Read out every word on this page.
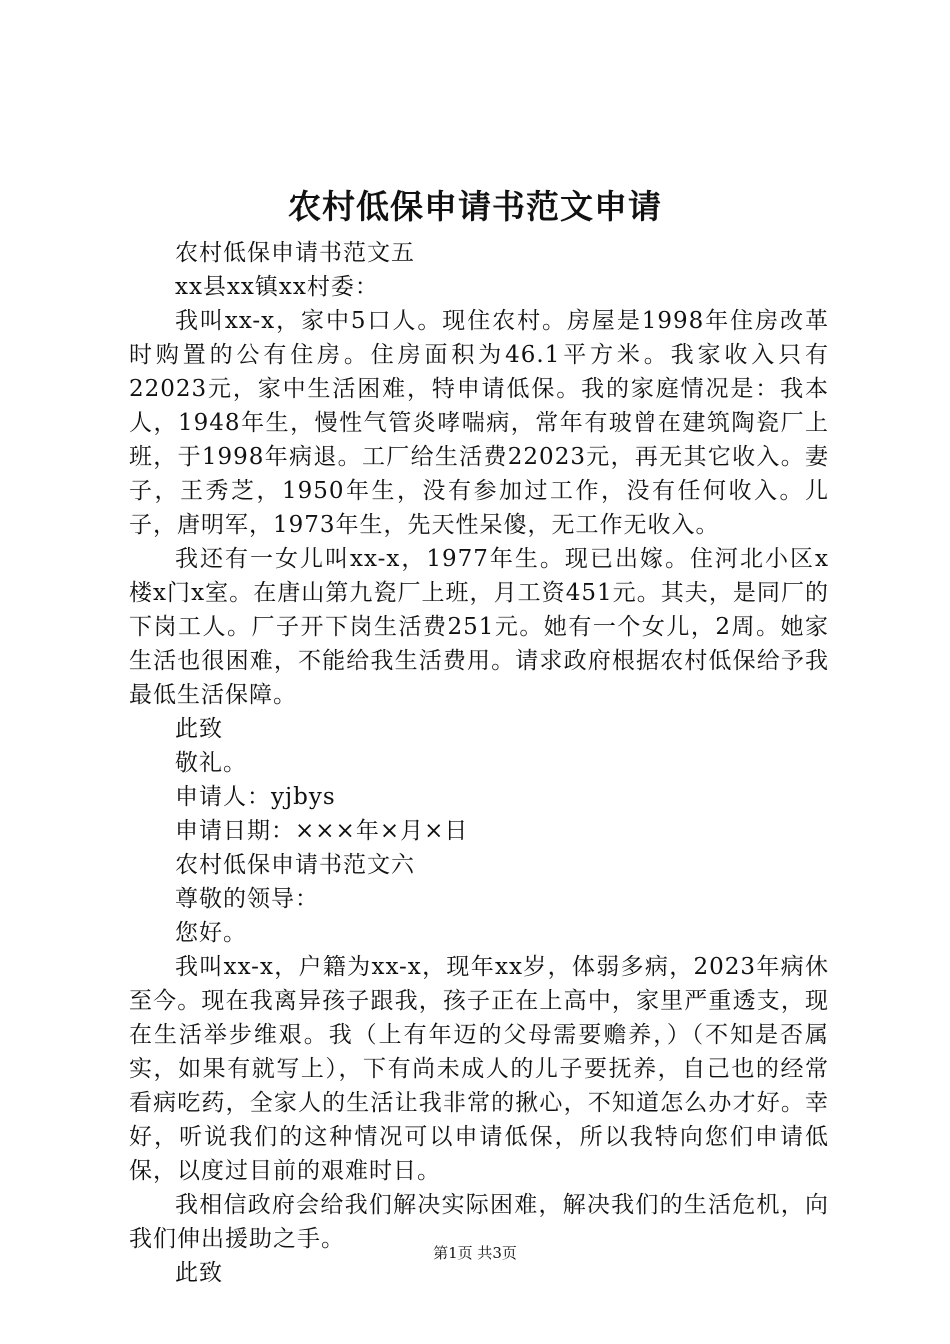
农村低保申请书范文申请

农村低保申请书范文五

xx县xx镇xx村委：

我叫xx-x，家中5口人。现住农村。房屋是1998年住房改革时购置的公有住房。住房面积为46.1平方米。我家收入只有22023元，家中生活困难，特申请低保。我的家庭情况是：我本人，1948年生，慢性气管炎哮喘病，常年有玻曾在建筑陶瓷厂上班，于1998年病退。工厂给生活费22023元，再无其它收入。妻子，王秀芝，1950年生，没有参加过工作，没有任何收入。儿子，唐明军，1973年生，先天性呆傻，无工作无收入。

我还有一女儿叫xx-x，1977年生。现已出嫁。住河北小区x楼x门x室。在唐山第九瓷厂上班，月工资451元。其夫，是同厂的下岗工人。厂子开下岗生活费251元。她有一个女儿，2周。她家生活也很困难，不能给我生活费用。请求政府根据农村低保给予我最低生活保障。

此致

敬礼。

申请人：yjbys

申请日期：×××年×月×日

农村低保申请书范文六

尊敬的领导：

您好。

我叫xx-x，户籍为xx-x，现年xx岁，体弱多病，2023年病休至今。现在我离异孩子跟我，孩子正在上高中，家里严重透支，现在生活举步维艰。我（上有年迈的父母需要赡养，）（不知是否属实，如果有就写上），下有尚未成人的儿子要抚养，自己也的经常看病吃药，全家人的生活让我非常的揪心，不知道怎么办才好。幸好，听说我们的这种情况可以申请低保，所以我特向您们申请低保，以度过目前的艰难时日。

我相信政府会给我们解决实际困难，解决我们的生活危机，向我们伸出援助之手。

此致

第1页 共3页
